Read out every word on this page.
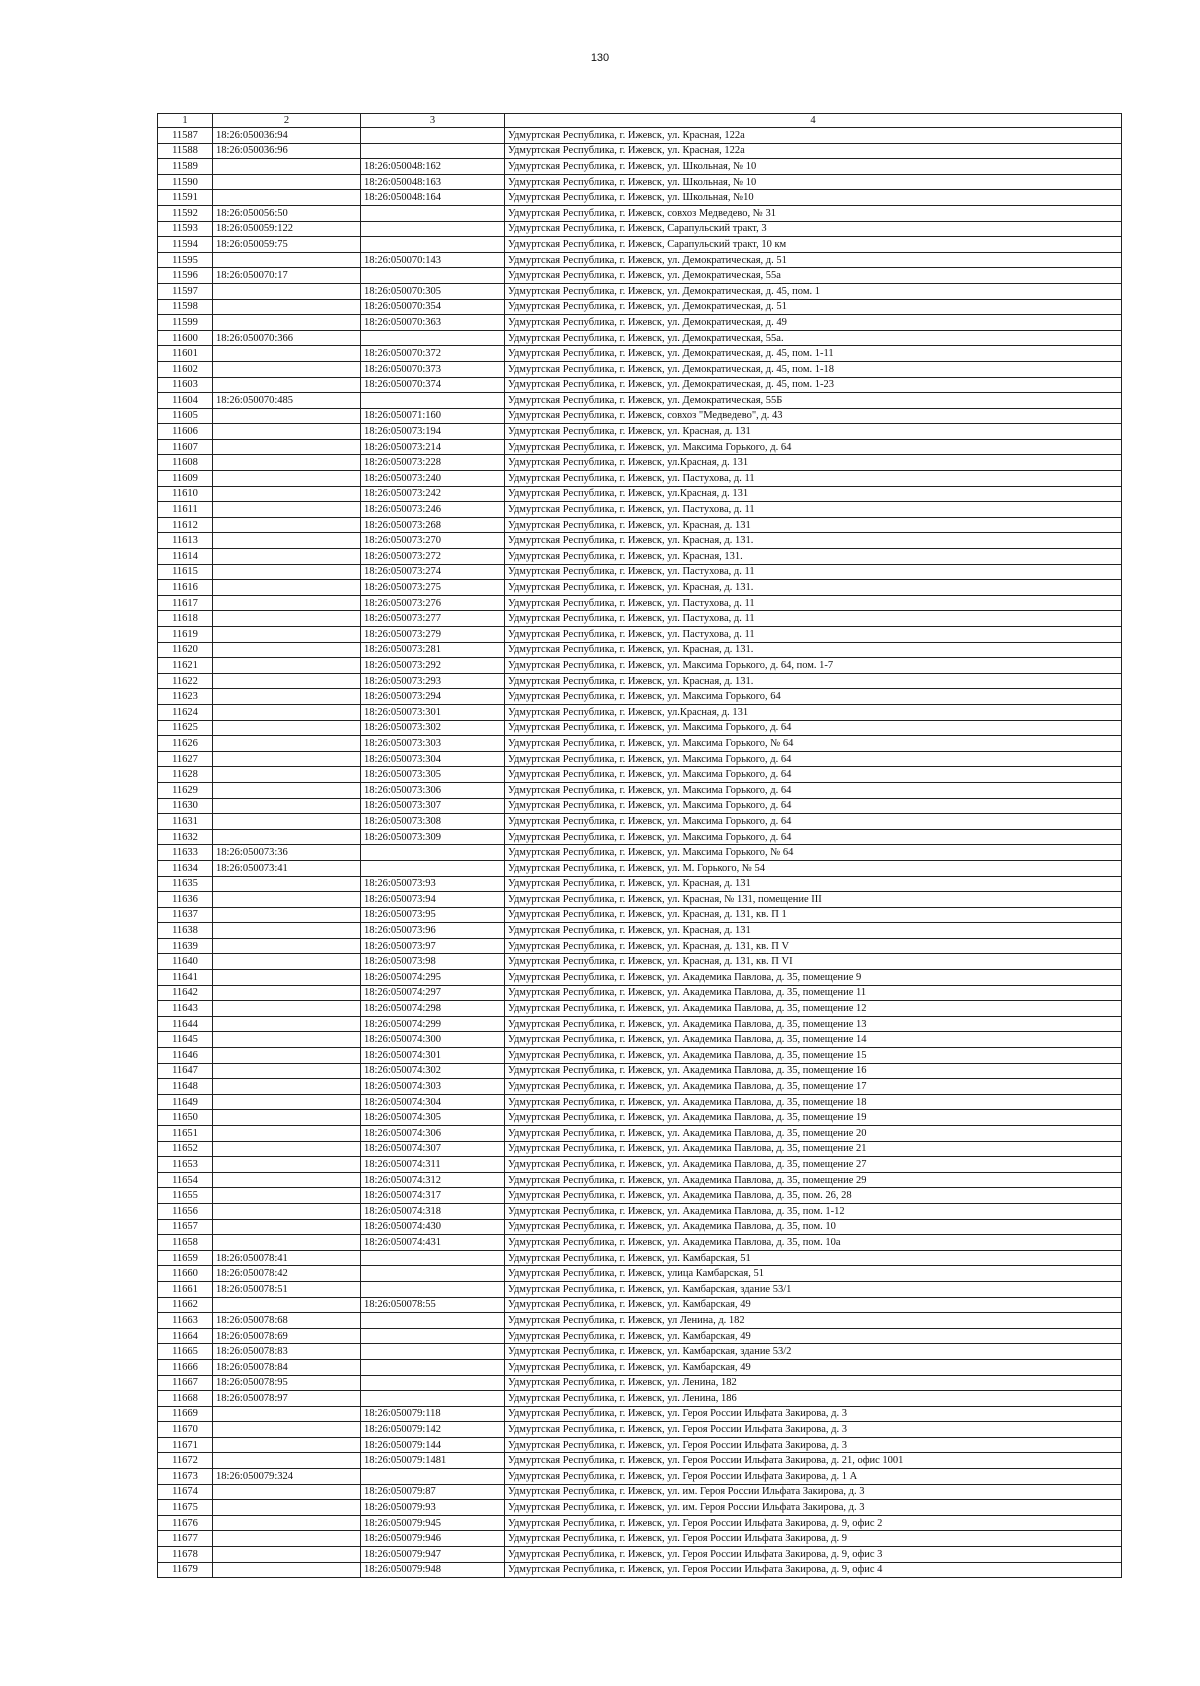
130
1	2	3	4
11587	18:26:050036:94		Удмуртская Республика, г. Ижевск, ул. Красная, 122а
11588	18:26:050036:96		Удмуртская Республика, г. Ижевск, ул. Красная, 122а
11589		18:26:050048:162	Удмуртская Республика, г. Ижевск, ул. Школьная, № 10
11590		18:26:050048:163	Удмуртская Республика, г. Ижевск, ул. Школьная, № 10
11591		18:26:050048:164	Удмуртская Республика, г. Ижевск, ул. Школьная, №10
11592	18:26:050056:50		Удмуртская Республика, г. Ижевск, совхоз Медведево, № 31
11593	18:26:050059:122		Удмуртская Республика, г. Ижевск, Сарапульский тракт, 3
11594	18:26:050059:75		Удмуртская Республика, г. Ижевск, Сарапульский тракт, 10 км
11595		18:26:050070:143	Удмуртская Республика, г. Ижевск, ул. Демократическая, д. 51
11596	18:26:050070:17		Удмуртская Республика, г. Ижевск, ул. Демократическая, 55а
11597		18:26:050070:305	Удмуртская Республика, г. Ижевск, ул. Демократическая, д. 45, пом. 1
11598		18:26:050070:354	Удмуртская Республика, г. Ижевск, ул. Демократическая, д. 51
11599		18:26:050070:363	Удмуртская Республика, г. Ижевск, ул. Демократическая, д. 49
11600	18:26:050070:366		Удмуртская Республика, г. Ижевск, ул. Демократическая, 55а.
11601		18:26:050070:372	Удмуртская Республика, г. Ижевск, ул. Демократическая, д. 45, пом. 1-11
11602		18:26:050070:373	Удмуртская Республика, г. Ижевск, ул. Демократическая, д. 45, пом. 1-18
11603		18:26:050070:374	Удмуртская Республика, г. Ижевск, ул. Демократическая, д. 45, пом. 1-23
11604	18:26:050070:485		Удмуртская Республика, г. Ижевск, ул. Демократическая, 55Б
11605		18:26:050071:160	Удмуртская Республика, г. Ижевск, совхоз "Медведево", д. 43
11606		18:26:050073:194	Удмуртская Республика, г. Ижевск, ул. Красная, д. 131
11607		18:26:050073:214	Удмуртская Республика, г. Ижевск, ул. Максима Горького, д. 64
11608		18:26:050073:228	Удмуртская Республика, г. Ижевск, ул.Красная, д. 131
11609		18:26:050073:240	Удмуртская Республика, г. Ижевск, ул. Пастухова, д. 11
11610		18:26:050073:242	Удмуртская Республика, г. Ижевск, ул.Красная, д. 131
11611		18:26:050073:246	Удмуртская Республика, г. Ижевск, ул. Пастухова, д. 11
11612		18:26:050073:268	Удмуртская Республика, г. Ижевск, ул. Красная, д. 131
11613		18:26:050073:270	Удмуртская Республика, г. Ижевск, ул. Красная, д. 131.
11614		18:26:050073:272	Удмуртская Республика, г. Ижевск, ул. Красная, 131.
11615		18:26:050073:274	Удмуртская Республика, г. Ижевск, ул. Пастухова, д. 11
11616		18:26:050073:275	Удмуртская Республика, г. Ижевск, ул. Красная, д. 131.
11617		18:26:050073:276	Удмуртская Республика, г. Ижевск, ул. Пастухова, д. 11
11618		18:26:050073:277	Удмуртская Республика, г. Ижевск, ул. Пастухова, д. 11
11619		18:26:050073:279	Удмуртская Республика, г. Ижевск, ул. Пастухова, д. 11
11620		18:26:050073:281	Удмуртская Республика, г. Ижевск, ул. Красная, д. 131.
11621		18:26:050073:292	Удмуртская Республика, г. Ижевск, ул. Максима Горького, д. 64, пом. 1-7
11622		18:26:050073:293	Удмуртская Республика, г. Ижевск, ул. Красная, д. 131.
11623		18:26:050073:294	Удмуртская Республика, г. Ижевск, ул. Максима Горького, 64
11624		18:26:050073:301	Удмуртская Республика, г. Ижевск, ул.Красная, д. 131
11625		18:26:050073:302	Удмуртская Республика, г. Ижевск, ул. Максима Горького, д. 64
11626		18:26:050073:303	Удмуртская Республика, г. Ижевск, ул. Максима Горького, № 64
11627		18:26:050073:304	Удмуртская Республика, г. Ижевск, ул. Максима Горького, д. 64
11628		18:26:050073:305	Удмуртская Республика, г. Ижевск, ул. Максима Горького, д. 64
11629		18:26:050073:306	Удмуртская Республика, г. Ижевск, ул. Максима Горького, д. 64
11630		18:26:050073:307	Удмуртская Республика, г. Ижевск, ул. Максима Горького, д. 64
11631		18:26:050073:308	Удмуртская Республика, г. Ижевск, ул. Максима Горького, д. 64
11632		18:26:050073:309	Удмуртская Республика, г. Ижевск, ул. Максима Горького, д. 64
11633	18:26:050073:36		Удмуртская Республика, г. Ижевск, ул. Максима Горького, № 64
11634	18:26:050073:41		Удмуртская Республика, г. Ижевск, ул. М. Горького, № 54
11635		18:26:050073:93	Удмуртская Республика, г. Ижевск, ул. Красная, д. 131
11636		18:26:050073:94	Удмуртская Республика, г. Ижевск, ул. Красная, № 131, помещение III
11637		18:26:050073:95	Удмуртская Республика, г. Ижевск, ул. Красная, д. 131, кв. П 1
11638		18:26:050073:96	Удмуртская Республика, г. Ижевск, ул. Красная, д. 131
11639		18:26:050073:97	Удмуртская Республика, г. Ижевск, ул. Красная, д. 131, кв. П V
11640		18:26:050073:98	Удмуртская Республика, г. Ижевск, ул. Красная, д. 131, кв. П VI
11641		18:26:050074:295	Удмуртская Республика, г. Ижевск, ул. Академика Павлова, д. 35, помещение 9
11642		18:26:050074:297	Удмуртская Республика, г. Ижевск, ул. Академика Павлова, д. 35, помещение 11
11643		18:26:050074:298	Удмуртская Республика, г. Ижевск, ул. Академика Павлова, д. 35, помещение 12
11644		18:26:050074:299	Удмуртская Республика, г. Ижевск, ул. Академика Павлова, д. 35, помещение 13
11645		18:26:050074:300	Удмуртская Республика, г. Ижевск, ул. Академика Павлова, д. 35, помещение 14
11646		18:26:050074:301	Удмуртская Республика, г. Ижевск, ул. Академика Павлова, д. 35, помещение 15
11647		18:26:050074:302	Удмуртская Республика, г. Ижевск, ул. Академика Павлова, д. 35, помещение 16
11648		18:26:050074:303	Удмуртская Республика, г. Ижевск, ул. Академика Павлова, д. 35, помещение 17
11649		18:26:050074:304	Удмуртская Республика, г. Ижевск, ул. Академика Павлова, д. 35, помещение 18
11650		18:26:050074:305	Удмуртская Республика, г. Ижевск, ул. Академика Павлова, д. 35, помещение 19
11651		18:26:050074:306	Удмуртская Республика, г. Ижевск, ул. Академика Павлова, д. 35, помещение 20
11652		18:26:050074:307	Удмуртская Республика, г. Ижевск, ул. Академика Павлова, д. 35, помещение 21
11653		18:26:050074:311	Удмуртская Республика, г. Ижевск, ул. Академика Павлова, д. 35, помещение 27
11654		18:26:050074:312	Удмуртская Республика, г. Ижевск, ул. Академика Павлова, д. 35, помещение 29
11655		18:26:050074:317	Удмуртская Республика, г. Ижевск, ул. Академика Павлова, д. 35, пом. 26, 28
11656		18:26:050074:318	Удмуртская Республика, г. Ижевск, ул. Академика Павлова, д. 35, пом. 1-12
11657		18:26:050074:430	Удмуртская Республика, г. Ижевск, ул. Академика Павлова, д. 35, пом. 10
11658		18:26:050074:431	Удмуртская Республика, г. Ижевск, ул. Академика Павлова, д. 35, пом. 10а
11659	18:26:050078:41		Удмуртская Республика, г. Ижевск, ул. Камбарская, 51
11660	18:26:050078:42		Удмуртская Республика, г. Ижевск, улица Камбарская, 51
11661	18:26:050078:51		Удмуртская Республика, г. Ижевск, ул. Камбарская, здание 53/1
11662		18:26:050078:55	Удмуртская Республика, г. Ижевск, ул. Камбарская, 49
11663	18:26:050078:68		Удмуртская Республика, г. Ижевск, ул Ленина, д. 182
11664	18:26:050078:69		Удмуртская Республика, г. Ижевск, ул. Камбарская, 49
11665	18:26:050078:83		Удмуртская Республика, г. Ижевск, ул. Камбарская, здание 53/2
11666	18:26:050078:84		Удмуртская Республика, г. Ижевск, ул. Камбарская, 49
11667	18:26:050078:95		Удмуртская Республика, г. Ижевск, ул. Ленина, 182
11668	18:26:050078:97		Удмуртская Республика, г. Ижевск, ул. Ленина, 186
11669		18:26:050079:118	Удмуртская Республика, г. Ижевск, ул. Героя России Ильфата Закирова, д. 3
11670		18:26:050079:142	Удмуртская Республика, г. Ижевск, ул. Героя России Ильфата Закирова, д. 3
11671		18:26:050079:144	Удмуртская Республика, г. Ижевск, ул. Героя России Ильфата Закирова, д. 3
11672		18:26:050079:1481	Удмуртская Республика, г. Ижевск, ул. Героя России Ильфата Закирова, д. 21, офис 1001
11673	18:26:050079:324		Удмуртская Республика, г. Ижевск, ул. Героя России Ильфата Закирова, д. 1 А
11674		18:26:050079:87	Удмуртская Республика, г. Ижевск, ул. им. Героя России Ильфата Закирова, д. 3
11675		18:26:050079:93	Удмуртская Республика, г. Ижевск, ул. им. Героя России Ильфата Закирова, д. 3
11676		18:26:050079:945	Удмуртская Республика, г. Ижевск, ул. Героя России Ильфата Закирова, д. 9, офис 2
11677		18:26:050079:946	Удмуртская Республика, г. Ижевск, ул. Героя России Ильфата Закирова, д. 9
11678		18:26:050079:947	Удмуртская Республика, г. Ижевск, ул. Героя России Ильфата Закирова, д. 9, офис 3
11679		18:26:050079:948	Удмуртская Республика, г. Ижевск, ул. Героя России Ильфата Закирова, д. 9, офис 4
